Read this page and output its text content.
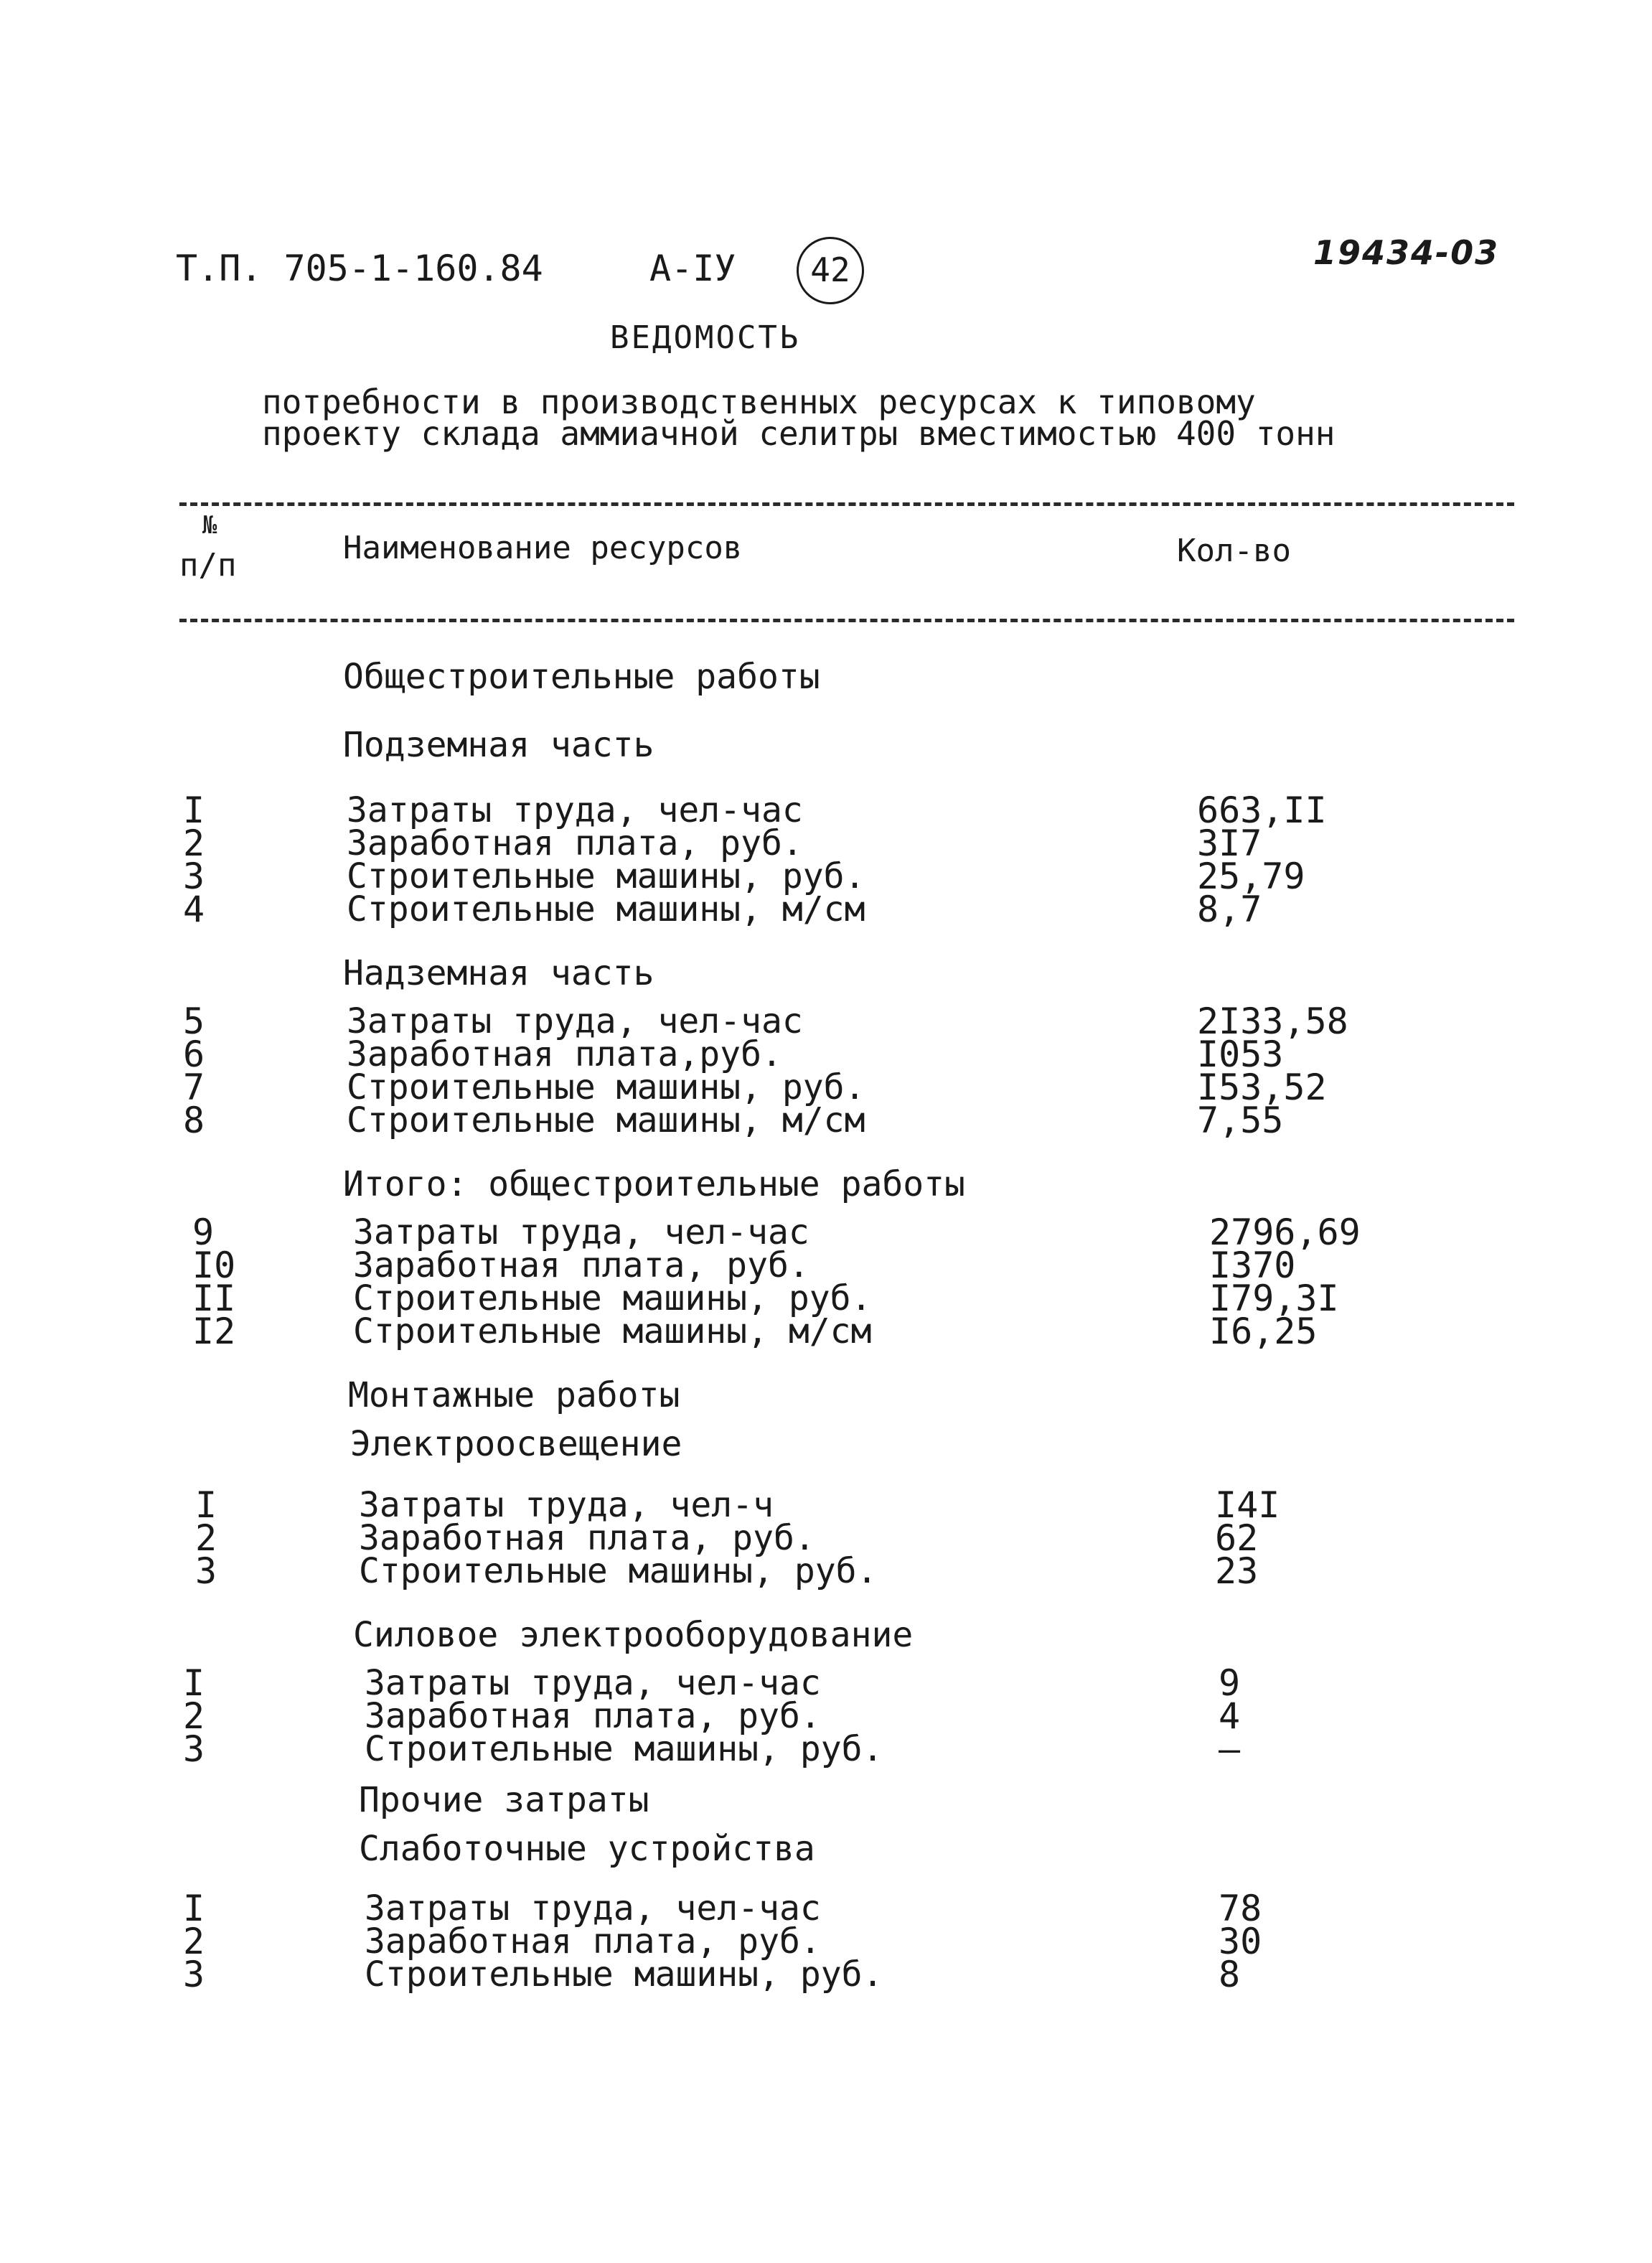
Т.П. 705-1-160.84	А-IУ	42	19434-03
ВЕДОМОСТЬ
потребности в производственных ресурсах к типовому
проекту склада аммиачной селитры вместимостью 400 тонн
№
п/п	Наименование ресурсов	Кол-во
Общестроительные работы
Подземная часть
I	Затраты труда, чел-час	663,II
2	Заработная плата, руб.	3I7
3	Строительные машины, руб.	25,79
4	Строительные машины, м/см	8,7
Надземная часть
5	Затраты труда, чел-час	2I33,58
6	Заработная плата,руб.	I053
7	Строительные машины, руб.	I53,52
8	Строительные машины, м/см	7,55
Итого: общестроительные работы
9	Затраты труда, чел-час	2796,69
I0	Заработная плата, руб.	I370
II	Строительные машины, руб.	I79,3I
I2	Строительные машины, м/см	I6,25
Монтажные работы
Электроосвещение
I	Затраты труда, чел-ч	I4I
2	Заработная плата, руб.	62
3	Строительные машины, руб.	23
Силовое электрооборудование
I	Затраты труда, чел-час	9
2	Заработная плата, руб.	4
3	Строительные машины, руб.	–
Прочие затраты
Слаботочные устройства
I	Затраты труда, чел-час	78
2	Заработная плата, руб.	30
3	Строительные машины, руб.	8
